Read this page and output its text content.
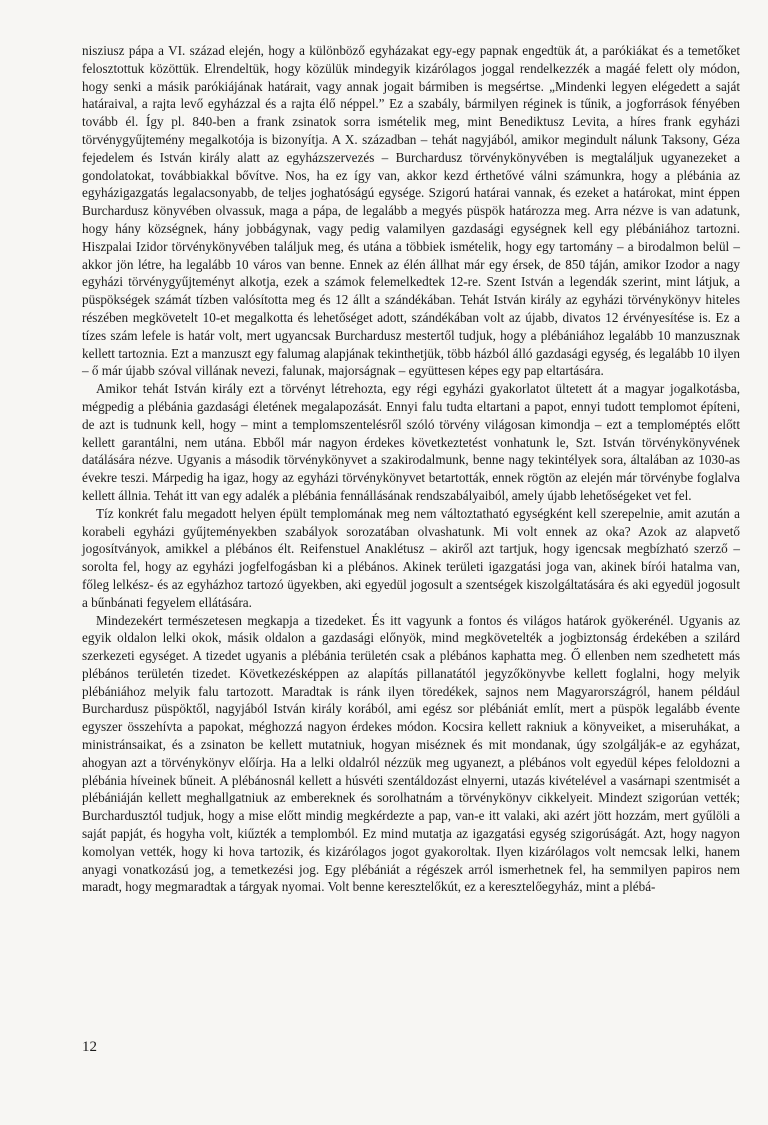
nisziusz pápa a VI. század elején, hogy a különböző egyházakat egy-egy papnak engedtük át, a parókiákat és a temetőket felosztottuk közöttük. Elrendeltük, hogy közülük mindegyik kizárólagos joggal rendelkezzék a magáé felett oly módon, hogy senki a másik parókiájának határait, vagy annak jogait bármiben is megsértse. „Mindenki legyen elégedett a saját határaival, a rajta levő egyházzal és a rajta élő néppel.” Ez a szabály, bármilyen réginek is tűnik, a jogforrások fényében tovább él. Így pl. 840-ben a frank zsinatok sorra ismételik meg, mint Benediktusz Levita, a híres frank egyházi törvénygyűjtemény megalkotója is bizonyítja. A X. században – tehát nagyjából, amikor megindult nálunk Taksony, Géza fejedelem és István király alatt az egyházszervezés – Burchardusz törvénykönyvében is megtaláljuk ugyanezeket a gondolatokat, továbbiakkal bővítve. Nos, ha ez így van, akkor kezd érthetővé válni számunkra, hogy a plébánia az egyházigazgatás legalacsonyabb, de teljes joghatóságú egysége. Szigorú határai vannak, és ezeket a határokat, mint éppen Burchardusz könyvében olvassuk, maga a pápa, de legalább a megyés püspök határozza meg. Arra nézve is van adatunk, hogy hány községnek, hány jobbágynak, vagy pedig valamilyen gazdasági egységnek kell egy plébániához tartozni. Hiszpalai Izidor törvénykönyvében találjuk meg, és utána a többiek ismételik, hogy egy tartomány – a birodalmon belül – akkor jön létre, ha legalább 10 város van benne. Ennek az élén állhat már egy érsek, de 850 táján, amikor Izodor a nagy egyházi törvénygyűjteményt alkotja, ezek a számok felemelkedtek 12-re. Szent István a legendák szerint, mint látjuk, a püspökségek számát tízben valósította meg és 12 állt a szándékában. Tehát István király az egyházi törvénykönyv hiteles részében megkövetelt 10-et megalkotta és lehetőséget adott, szándékában volt az újabb, divatos 12 érvényesítése is. Ez a tízes szám lefele is határ volt, mert ugyancsak Burchardusz mestertől tudjuk, hogy a plébániához legalább 10 manzusznak kellett tartoznia. Ezt a manzuszt egy falumag alapjának tekinthetjük, több házból álló gazdasági egység, és legalább 10 ilyen – ő már újabb szóval villának nevezi, falunak, majorságnak – együttesen képes egy pap eltartására.

Amikor tehát István király ezt a törvényt létrehozta, egy régi egyházi gyakorlatot ültetett át a magyar jogalkotásba, mégpedig a plébánia gazdasági életének megalapozását. Ennyi falu tudta eltartani a papot, ennyi tudott templomot építeni, de azt is tudnunk kell, hogy – mint a templomszentelésről szóló törvény világosan kimondja – ezt a temploméptés előtt kellett garantálni, nem utána. Ebből már nagyon érdekes következtetést vonhatunk le, Szt. István törvénykönyvének datálására nézve. Ugyanis a második törvénykönyvet a szakirodalmunk, benne nagy tekintélyek sora, általában az 1030-as évekre teszi. Márpedig ha igaz, hogy az egyházi törvénykönyvet betartották, ennek rögtön az elején már törvénybe foglalva kellett állnia. Tehát itt van egy adalék a plébánia fennállásának rendszabályaiból, amely újabb lehetőségeket vet fel.

Tíz konkrét falu megadott helyen épült templomának meg nem változtatható egységként kell szerepelnie, amit azután a korabeli egyházi gyűjteményekben szabályok sorozatában olvashatunk. Mi volt ennek az oka? Azok az alapvető jogosítványok, amikkel a plébános élt. Reifenstuel Anaklétusz – akiről azt tartjuk, hogy igencsak megbízható szerző – sorolta fel, hogy az egyházi jogfelfogásban ki a plébános. Akinek területi igazgatási joga van, akinek bírói hatalma van, főleg lelkész- és az egyházhoz tartozó ügyekben, aki egyedül jogosult a szentségek kiszolgáltatására és aki egyedül jogosult a bűnbánati fegyelem ellátására.

Mindezekért természetesen megkapja a tizedeket. És itt vagyunk a fontos és világos határok gyökerénél. Ugyanis az egyik oldalon lelki okok, másik oldalon a gazdasági előnyök, mind megkövetelték a jogbiztonság érdekében a szilárd szerkezeti egységet. A tizedet ugyanis a plébánia területén csak a plébános kaphatta meg. Ő ellenben nem szedhetett más plébános területén tizedet. Következésképpen az alapítás pillanatától jegyzőkönyvbe kellett foglalni, hogy melyik plébániához melyik falu tartozott. Maradtak is ránk ilyen töredékek, sajnos nem Magyarországról, hanem például Burchardusz püspöktől, nagyjából István király korából, ami egész sor plébániát említ, mert a püspök legalább évente egyszer összehívta a papokat, méghozzá nagyon érdekes módon. Kocsira kellett rakniuk a könyveiket, a miseruhákat, a ministránsaikat, és a zsinaton be kellett mutatniuk, hogyan miséznek és mit mondanak, úgy szolgálják-e az egyházat, ahogyan azt a törvénykönyv előírja. Ha a lelki oldalról nézzük meg ugyanezt, a plébános volt egyedül képes feloldozni a plébánia híveinek bűneit. A plébánosnál kellett a húsvéti szentáldozást elnyerni, utazás kivételével a vasárnapi szentmisét a plébániáján kellett meghallgatniuk az embereknek és sorolhatnám a törvénykönyv cikkelyeit. Mindezt szigorúan vették; Burchardusztól tudjuk, hogy a mise előtt mindig megkérdezte a pap, van-e itt valaki, aki azért jött hozzám, mert gyűlöli a saját papját, és hogyha volt, kiűzték a templomból. Ez mind mutatja az igazgatási egység szigorúságát. Azt, hogy nagyon komolyan vették, hogy ki hova tartozik, és kizárólagos jogot gyakoroltak. Ilyen kizárólagos volt nemcsak lelki, hanem anyagi vonatkozású jog, a temetkezési jog. Egy plébániát a régészek arról ismerhetnek fel, ha semmilyen papiros nem maradt, hogy megmaradtak a tárgyak nyomai. Volt benne keresztelőkút, ez a keresztelőegyház, mint a plébá-

12
